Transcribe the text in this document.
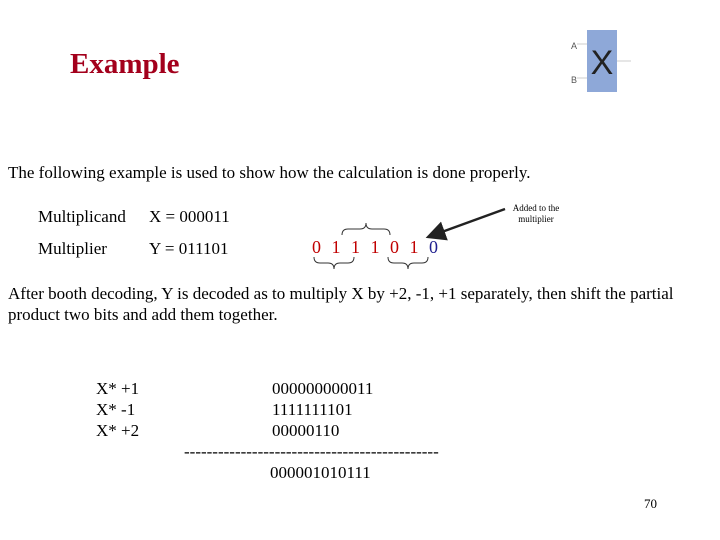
Example	X
A
B
The following example is used to show how the calculation is done properly.
Multiplicand X = 000011
Multiplier Y = 011101	0 1 1 1 0 1 0
Added to the multiplier
After booth decoding, Y is decoded as to multiply X by +2, -1, +1 separately, then shift the partial product two bits and add them together.
X* +1
X* -1
X* +2
000000000011
1111111101
00000110
---------------------------------------------
000001010111
70
